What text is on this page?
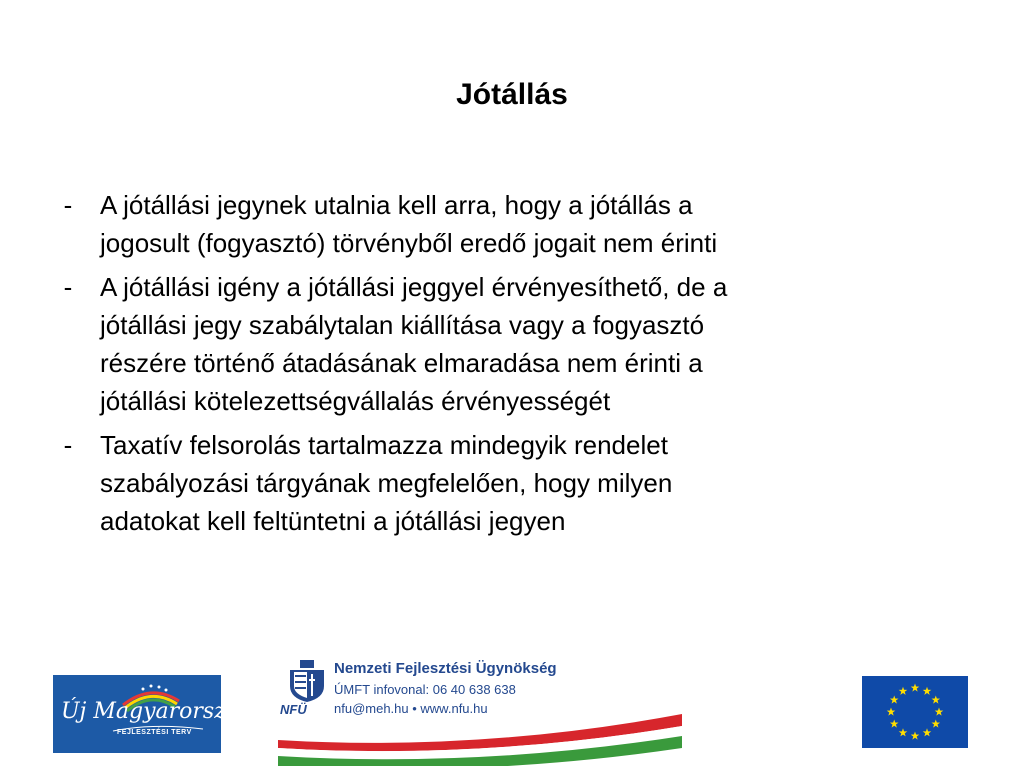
Jótállás
- A jótállási jegynek utalnia kell arra, hogy a jótállás a
jogosult (fogyasztó) törvényből eredő jogait nem érinti
- A jótállási igény a jótállási jeggyel érvényesíthető, de a
jótállási jegy szabálytalan kiállítása vagy a fogyasztó
részére történő átadásának elmaradása nem érinti a
jótállási kötelezettségvállalás érvényességét
- Taxatív felsorolás tartalmazza mindegyik rendelet
szabályozási tárgyának megfelelően, hogy milyen
adatokat kell feltüntetni a jótállási jegyen
Új Magyarország
FEJLESZTÉSI TERV
NFÜ
Nemzeti Fejlesztési Ügynökség
ÚMFT infovonal: 06 40 638 638
nfu@meh.hu • www.nfu.hu
